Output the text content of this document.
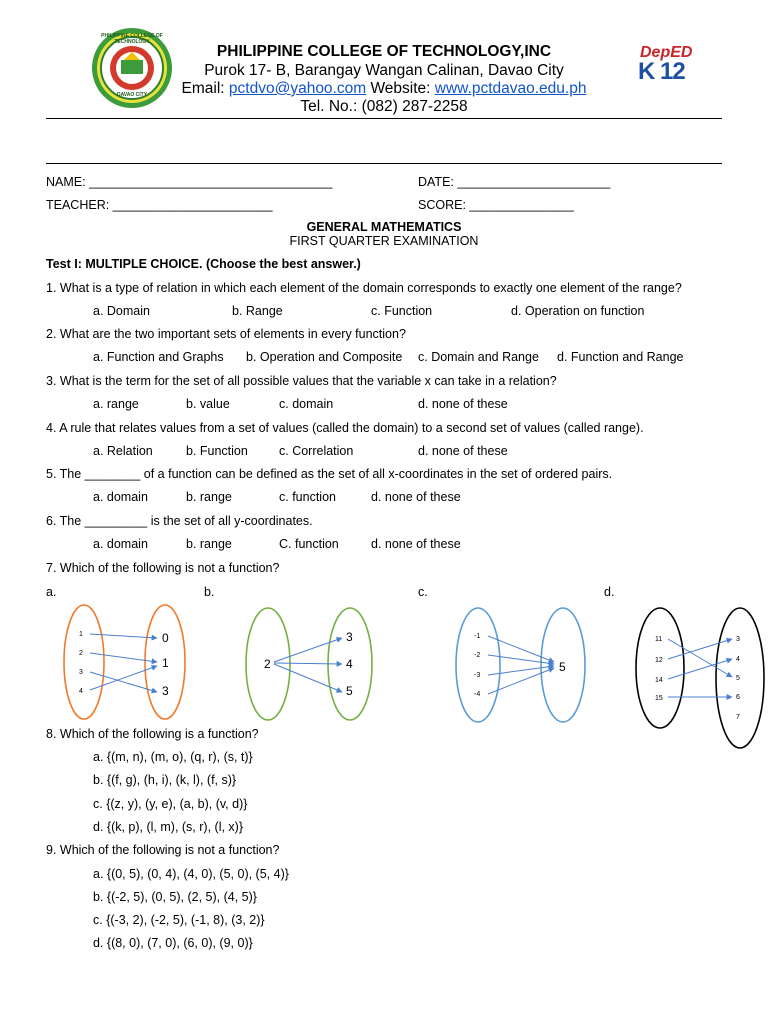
PHILIPPINE COLLEGE OF TECHNOLOGY
DAVAO CITY
PHILIPPINE COLLEGE OF TECHNOLOGY,INC
Purok 17- B, Barangay Wangan Calinan, Davao City
Email: pctdvo@yahoo.com Website: www.pctdavao.edu.ph
Tel. No.: (082) 287-2258
DepED
K 12
NAME: ___________________________________	DATE: ______________________
TEACHER: _______________________	SCORE: _______________
GENERAL MATHEMATICS
FIRST QUARTER EXAMINATION
Test I: MULTIPLE CHOICE. (Choose the best answer.)
1. What is a type of relation in which each element of the domain corresponds to exactly one element of the range?
a. Domain	b. Range	c. Function	d. Operation on function
2. What are the two important sets of elements in every function?
a. Function and Graphs b. Operation and Composite c. Domain and Range d. Function and Range
3. What is the term for the set of all possible values that the variable x can take in a relation?
a. range	b. value	c. domain	d. none of these
4. A rule that relates values from a set of values (called the domain) to a second set of values (called range).
a. Relation	b. Function c. Correlation	d. none of these
5. The ________ of a function can be defined as the set of all x-coordinates in the set of ordered pairs.
a. domain	b. range	c. function	d. none of these
6. The _________ is the set of all y-coordinates.
a. domain	b. range	C. function	d. none of these
7. Which of the following is not a function?
a.	b.	c.	d.
1
2
3
4
0
1
3
2
3
4
5
-1
-2
-3
-4
5
11
12
14
15
3
4
5
6
7
8. Which of the following is a function?
a. {(m, n), (m, o), (q, r), (s, t)}
b. {(f, g), (h, i), (k, l), (f, s)}
c. {(z, y), (y, e), (a, b), (v, d)}
d. {(k, p), (l, m), (s, r), (l, x)}
9. Which of the following is not a function?
a. {(0, 5), (0, 4), (4, 0), (5, 0), (5, 4)}
b. {(-2, 5), (0, 5), (2, 5), (4, 5)}
c. {(-3, 2), (-2, 5), (-1, 8), (3, 2)}
d. {(8, 0), (7, 0), (6, 0), (9, 0)}
